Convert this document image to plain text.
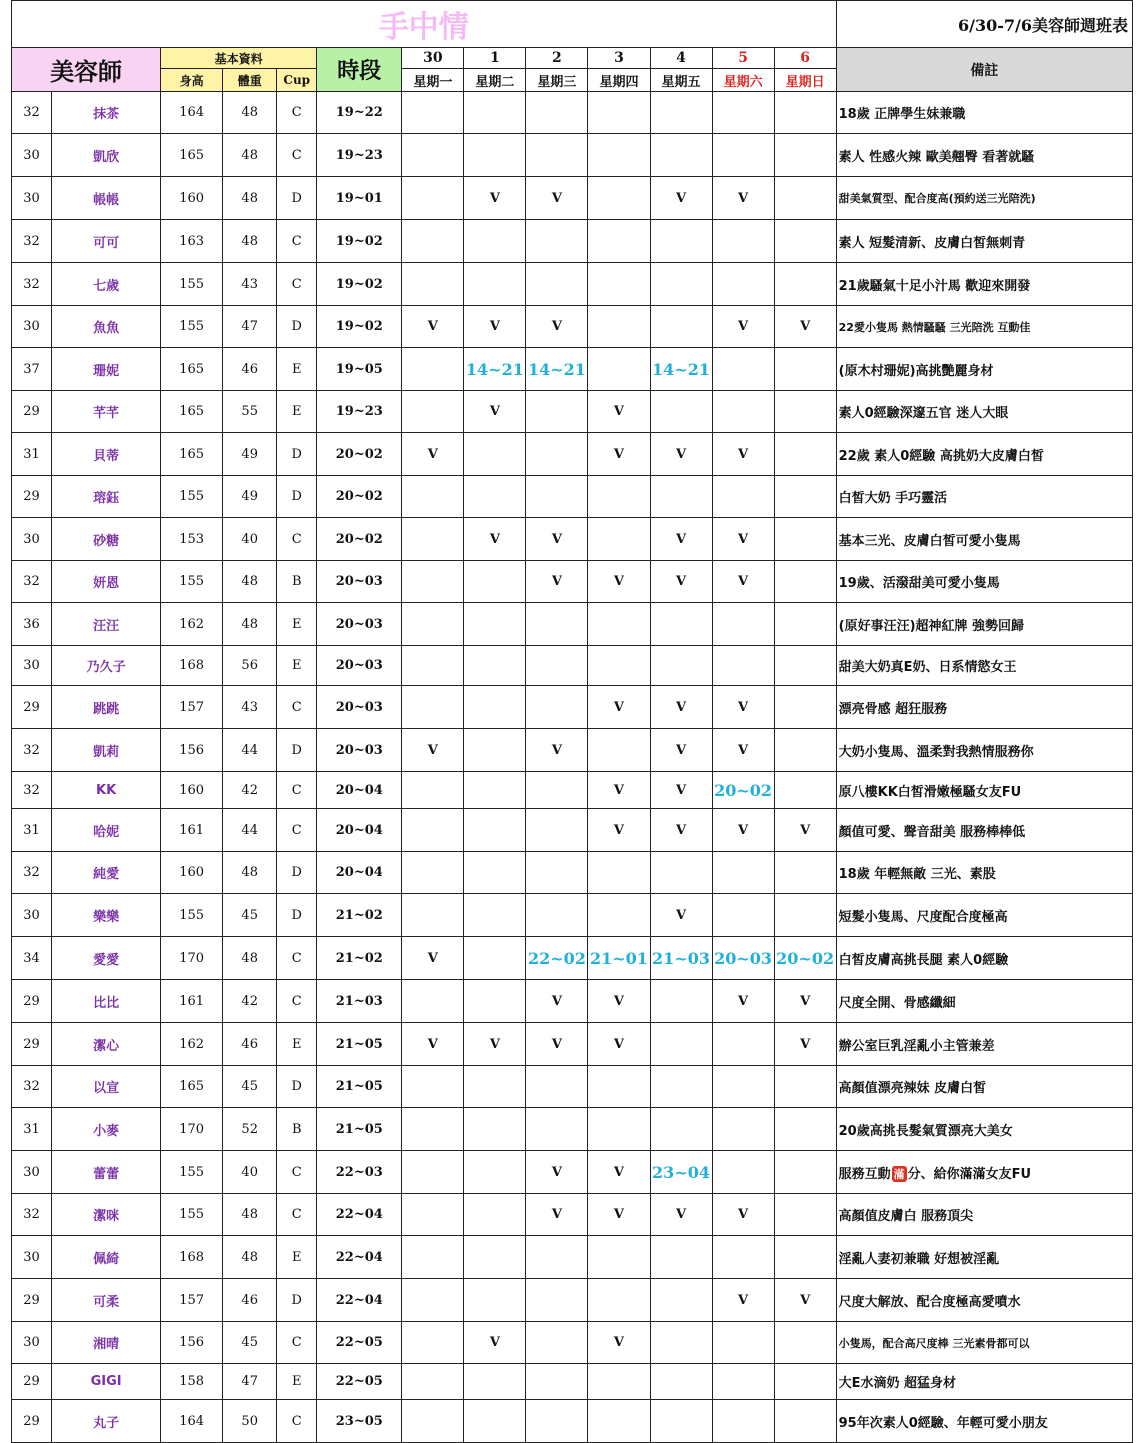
手中情													6/30-7/6美容師週班表
美容師		基本資料			時段	30	1	2	3	4	5	6	備註
		身高	體重	Cup		星期一	星期二	星期三	星期四	星期五	星期六	星期日	
32	抹茶	164	48	C	19~22								18歲 正牌學生妹兼職
30	凱欣	165	48	C	19~23								素人 性感火辣 歐美翹臀 看著就騷
30	帳帳	160	48	D	19~01		V	V		V	V		甜美氣質型、配合度高(預約送三光陪洗)
32	可可	163	48	C	19~02								素人 短髮清新、皮膚白皙無刺青
32	七歲	155	43	C	19~02								21歲騷氣十足小汁馬 歡迎來開發
30	魚魚	155	47	D	19~02	V	V	V			V	V	22愛小隻馬 熱情騷騷 三光陪洗 互動佳
37	珊妮	165	46	E	19~05		14~21	14~21		14~21			(原木村珊妮)高挑艷麗身材
29	芊芊	165	55	E	19~23		V		V				素人0經驗深邃五官 迷人大眼
31	貝蒂	165	49	D	20~02	V			V	V	V		22歲 素人0經驗 高挑奶大皮膚白皙
29	瑢鈺	155	49	D	20~02								白皙大奶 手巧靈活
30	砂糖	153	40	C	20~02		V	V		V	V		基本三光、皮膚白皙可愛小隻馬
32	妍恩	155	48	B	20~03			V	V	V	V		19歲、活潑甜美可愛小隻馬
36	汪汪	162	48	E	20~03								(原好事汪汪)超神紅牌 強勢回歸
30	乃久子	168	56	E	20~03								甜美大奶真E奶、日系情慾女王
29	跳跳	157	43	C	20~03				V	V	V		漂亮骨感 超狂服務
32	凱莉	156	44	D	20~03	V		V		V	V		大奶小隻馬、溫柔對我熱情服務你
32	KK	160	42	C	20~04				V	V	20~02		原八樓KK白皙滑嫩極騷女友FU
31	哈妮	161	44	C	20~04				V	V	V	V	顏值可愛、聲音甜美 服務棒棒低
32	純愛	160	48	D	20~04								18歲 年輕無敵 三光、素股
30	樂樂	155	45	D	21~02					V			短髮小隻馬、尺度配合度極高
34	愛愛	170	48	C	21~02	V		22~02	21~01	21~03	20~03	20~02	白皙皮膚高挑長腿 素人0經驗
29	比比	161	42	C	21~03			V	V		V	V	尺度全開、骨感纖細
29	潔心	162	46	E	21~05	V	V	V	V			V	辦公室巨乳淫亂小主管兼差
32	以宣	165	45	D	21~05								高顏值漂亮辣妹 皮膚白皙
31	小麥	170	52	B	21~05								20歲高挑長髮氣質漂亮大美女
30	蕾蕾	155	40	C	22~03			V	V	23~04			服務互動 滿 分、給你滿滿女友FU
32	潔咪	155	48	C	22~04			V	V	V	V		高顏值皮膚白 服務頂尖
30	佩綺	168	48	E	22~04								淫亂人妻初兼職 好想被淫亂
29	可柔	157	46	D	22~04						V	V	尺度大解放、配合度極高愛噴水
30	湘晴	156	45	C	22~05		V		V				小隻馬，配合高尺度棒 三光素骨都可以
29	GIGI	158	47	E	22~05								大E水滴奶 超猛身材
29	丸子	164	50	C	23~05								95年次素人0經驗、年輕可愛小朋友
